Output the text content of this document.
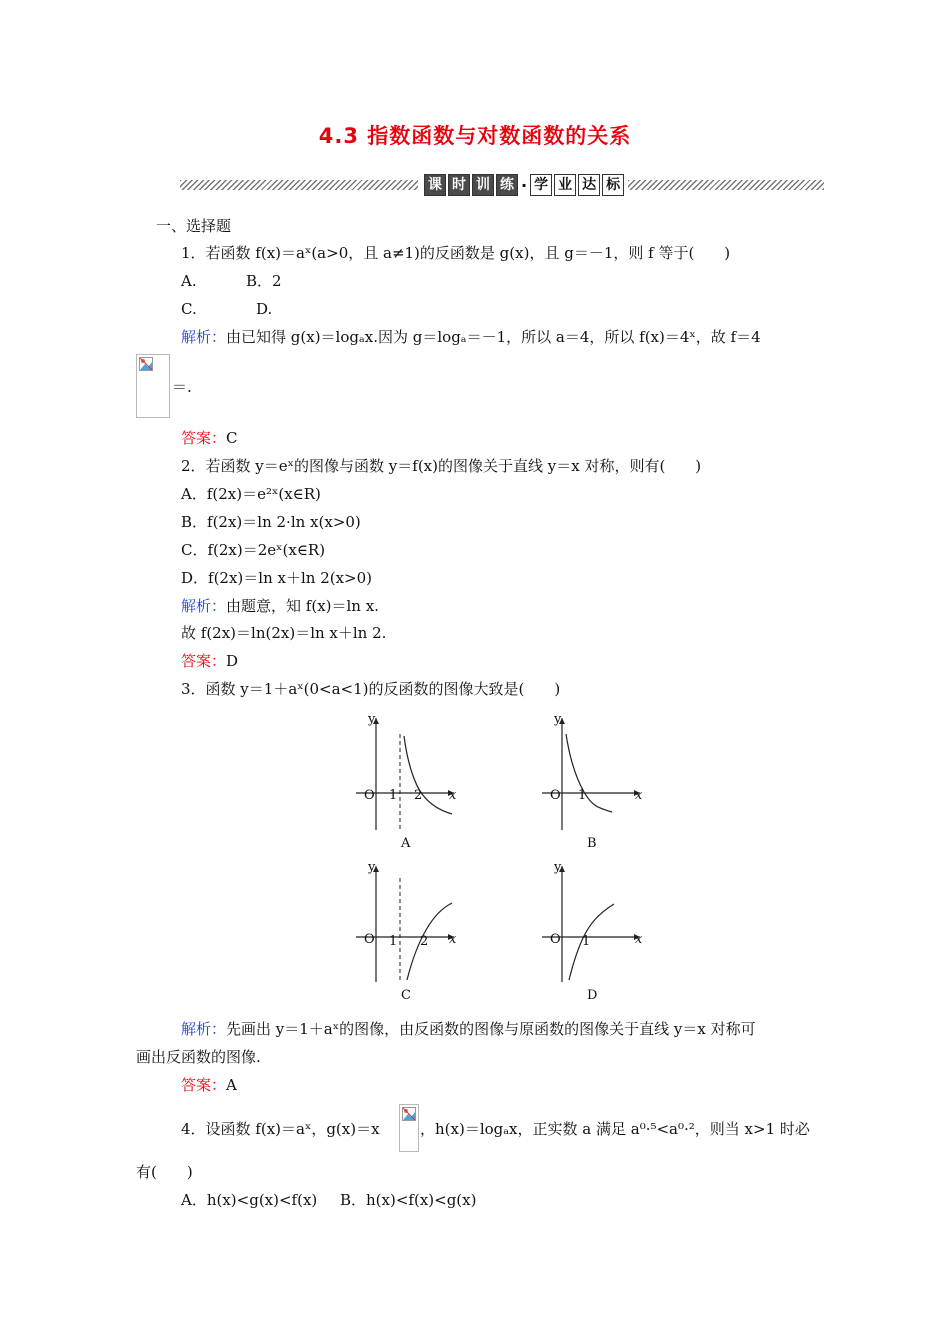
4.3 指数函数与对数函数的关系
课 时 训 练 · 学 业 达 标
一、选择题
1．若函数 f(x)＝aˣ(a>0，且 a≠1)的反函数是 g(x)，且 g＝－1，则 f 等于(　　)
A.	B．2
C.	D.
解析：由已知得 g(x)＝logₐx.因为 g＝logₐ＝－1，所以 a＝4，所以 f(x)＝4ˣ，故 f＝4
＝.
答案：C
2．若函数 y＝eˣ的图像与函数 y＝f(x)的图像关于直线 y＝x 对称，则有(　　)
A．f(2x)＝e²ˣ(x∈R)
B．f(2x)＝ln 2·ln x(x>0)
C．f(2x)＝2eˣ(x∈R)
D．f(2x)＝ln x＋ln 2(x>0)
解析：由题意，知 f(x)＝ln x.
故 f(2x)＝ln(2x)＝ln x＋ln 2.
答案：D
3．函数 y＝1＋aˣ(0<a<1)的反函数的图像大致是(　　)
y
O 1 2 x
A
y
O 1	x
B
y
O 1 2 x
C
y
O 1	x
D
解析：先画出 y＝1＋aˣ的图像，由反函数的图像与原函数的图像关于直线 y＝x 对称可
画出反函数的图像.
答案：A
4．设函数 f(x)＝aˣ，g(x)＝x	，h(x)＝logₐx，正实数 a 满足 a⁰·⁵<a⁰·²，则当 x>1 时必
有(　　)
A．h(x)<g(x)<f(x) B．h(x)<f(x)<g(x)
